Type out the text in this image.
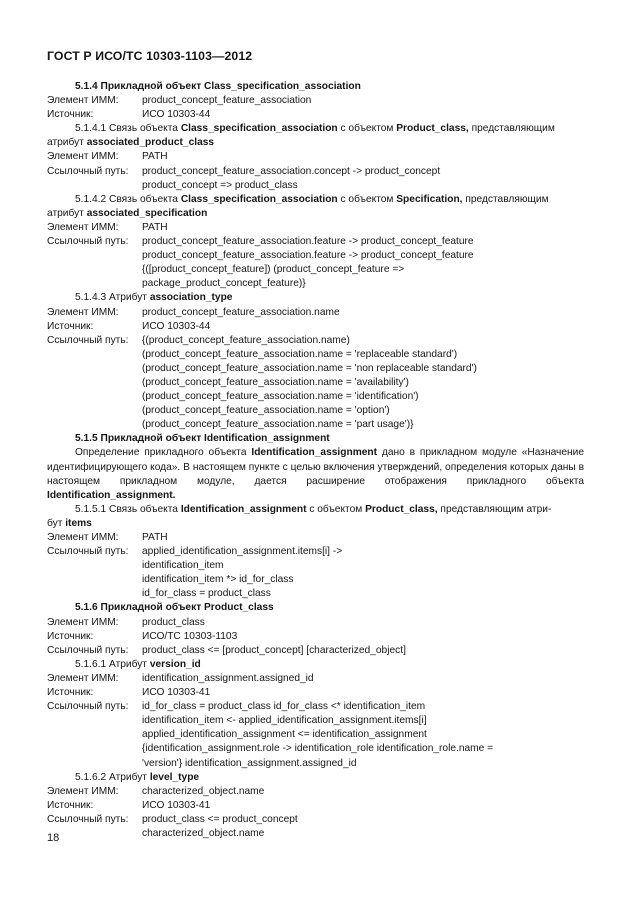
ГОСТ Р ИСО/ТС 10303-1103—2012
5.1.4 Прикладной объект Class_specification_association
Элемент ИММ:	product_concept_feature_association
Источник:	ИСО 10303-44
5.1.4.1 Связь объекта Class_specification_association с объектом Product_class, представляющим
атрибут associated_product_class
Элемент ИММ:	PATH
Ссылочный путь:	product_concept_feature_association.concept -> product_concept
product_concept => product_class
5.1.4.2 Связь объекта Class_specification_association с объектом Specification, представляющим
атрибут associated_specification
Элемент ИММ:	PATH
Ссылочный путь:	product_concept_feature_association.feature -> product_concept_feature
product_concept_feature_association.feature -> product_concept_feature
{([product_concept_feature]) (product_concept_feature =>
package_product_concept_feature)}
5.1.4.3 Атрибут association_type
Элемент ИММ:	product_concept_feature_association.name
Источник:	ИСО 10303-44
Ссылочный путь:	{(product_concept_feature_association.name)
(product_concept_feature_association.name = 'replaceable standard')
(product_concept_feature_association.name = 'non replaceable standard')
(product_concept_feature_association.name = 'availability')
(product_concept_feature_association.name = 'identification')
(product_concept_feature_association.name = 'option')
(product_concept_feature_association.name = 'part usage')}
5.1.5 Прикладной объект Identification_assignment
Определение прикладного объекта Identification_assignment дано в прикладном модуле «Назначение идентифицирующего кода». В настоящем пункте с целью включения утверждений, определения которых даны в настоящем прикладном модуле, дается расширение отображения прикладного объекта Identification_assignment.
5.1.5.1 Связь объекта Identification_assignment с объектом Product_class, представляющим атри-
бут items
Элемент ИММ:	PATH
Ссылочный путь:	applied_identification_assignment.items[i] ->
identification_item
identification_item *> id_for_class
id_for_class = product_class
5.1.6 Прикладной объект Product_class
Элемент ИММ:	product_class
Источник:	ИСО/ТС 10303-1103
Ссылочный путь:	product_class <= [product_concept] [characterized_object]
5.1.6.1 Атрибут version_id
Элемент ИММ:	identification_assignment.assigned_id
Источник:	ИСО 10303-41
Ссылочный путь:	id_for_class = product_class id_for_class <* identification_item
identification_item <- applied_identification_assignment.items[i]
applied_identification_assignment <= identification_assignment
{identification_assignment.role -> identification_role identification_role.name =
'version'} identification_assignment.assigned_id
5.1.6.2 Атрибут level_type
Элемент ИММ:	characterized_object.name
Источник:	ИСО 10303-41
Ссылочный путь:	product_class <= product_concept
characterized_object.name
18
